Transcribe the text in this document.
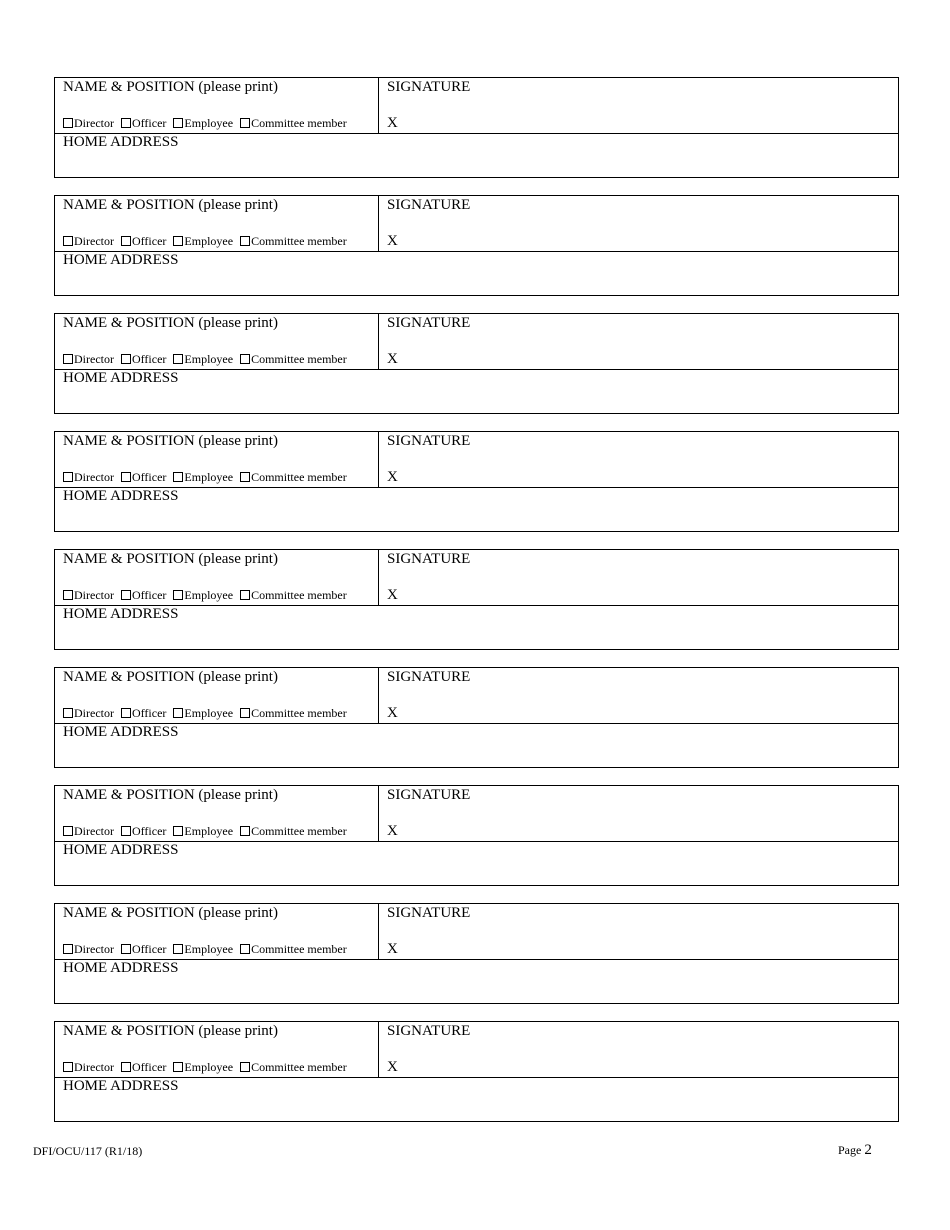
NAME & POSITION (please print)
Director Officer Employee Committee member
SIGNATURE
X
HOME ADDRESS
NAME & POSITION (please print)
Director Officer Employee Committee member
SIGNATURE
X
HOME ADDRESS
NAME & POSITION (please print)
Director Officer Employee Committee member
SIGNATURE
X
HOME ADDRESS
NAME & POSITION (please print)
Director Officer Employee Committee member
SIGNATURE
X
HOME ADDRESS
NAME & POSITION (please print)
Director Officer Employee Committee member
SIGNATURE
X
HOME ADDRESS
NAME & POSITION (please print)
Director Officer Employee Committee member
SIGNATURE
X
HOME ADDRESS
NAME & POSITION (please print)
Director Officer Employee Committee member
SIGNATURE
X
HOME ADDRESS
NAME & POSITION (please print)
Director Officer Employee Committee member
SIGNATURE
X
HOME ADDRESS
NAME & POSITION (please print)
Director Officer Employee Committee member
SIGNATURE
X
HOME ADDRESS
DFI/OCU/117 (R1/18)	Page 2
